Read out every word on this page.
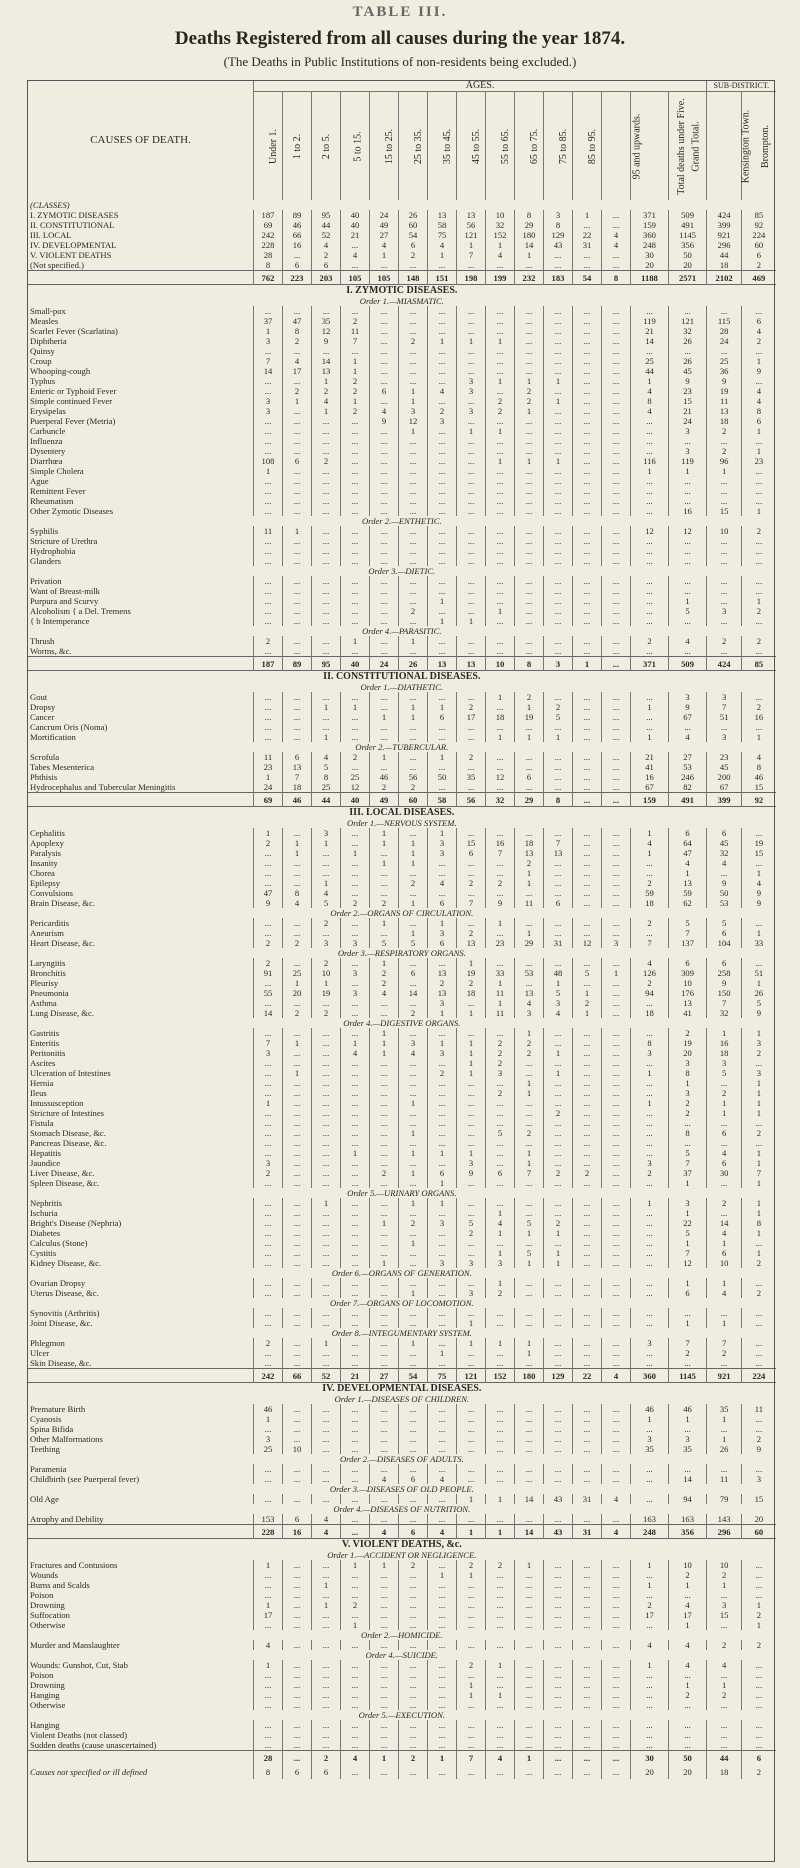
TABLE III.
Deaths Registered from all causes during the year 1874.
(The Deaths in Public Institutions of non-residents being excluded.)
CAUSES OF DEATH.	AGES.															SUB-DISTRICT.	
	Under 1.	1 to 2.	2 to 5.	5 to 15.	15 to 25.	25 to 35.	35 to 45.	45 to 55.	55 to 65.	65 to 75.	75 to 85.	85 to 95.	95 and upwards.	Total deaths under Five.	Grand Total.	Kensington Town.	Brompton.
(CLASSES)																	
I. ZYMOTIC DISEASES	187	89	95	40	24	26	13	13	10	8	3	1	...	371	509	424	85
II. CONSTITUTIONAL	69	46	44	40	49	60	58	56	32	29	8	...	...	159	491	399	92
III. LOCAL	242	66	52	21	27	54	75	121	152	180	129	22	4	360	1145	921	224
IV. DEVELOPMENTAL	228	16	4	...	4	6	4	1	1	14	43	31	4	248	356	296	60
V. VIOLENT DEATHS	28	...	2	4	1	2	1	7	4	1	...	...	...	30	50	44	6
(Not specified.)	8	6	6	...	...	...	...	...	...	...	...	...	...	20	20	18	2
	762	223	203	105	105	148	151	198	199	232	183	54	8	1188	2571	2102	469
I. ZYMOTIC DISEASES.																	
Order 1.—MIASMATIC.																	
Small-pox	...	...	...	...	...	...	...	...	...	...	...	...	...	...	...	...	...
Measles	37	47	35	2	...	...	...	...	...	...	...	...	...	119	121	115	6
Scarlet Fever (Scarlatina)	1	8	12	11	...	...	...	...	...	...	...	...	...	21	32	28	4
Diphtheria	3	2	9	7	...	2	1	1	1	...	...	...	...	14	26	24	2
Quinsy	...	...	...	...	...	...	...	...	...	...	...	...	...	...	...	...	...
Croup	7	4	14	1	...	...	...	...	...	...	...	...	...	25	26	25	1
Whooping-cough	14	17	13	1	...	...	...	...	...	...	...	...	...	44	45	36	9
Typhus	...	...	1	2	...	...	...	3	1	1	1	...	...	1	9	9	...
Enteric or Typhoid Fever	...	2	2	2	6	1	4	3	...	2	...	...	...	4	23	19	4
Simple continued Fever	3	1	4	1	...	1	...	...	2	2	1	...	...	8	15	11	4
Erysipelas	3	...	1	2	4	3	2	3	2	1	...	...	...	4	21	13	8
Puerperal Fever (Metria)	...	...	...	...	9	12	3	...	...	...	...	...	...	...	24	18	6
Carbuncle	...	...	...	...	...	1	...	1	1	...	...	...	...	...	3	2	1
Influenza	...	...	...	...	...	...	...	...	...	...	...	...	...	...	...	...	...
Dysentery	...	...	...	...	...	...	...	...	...	...	...	...	...	...	3	2	1
Diarrhœa	108	6	2	...	...	...	...	...	1	1	1	...	...	116	119	96	23
Simple Cholera	1	...	...	...	...	...	...	...	...	...	...	...	...	1	1	1	...
Ague	...	...	...	...	...	...	...	...	...	...	...	...	...	...	...	...	...
Remittent Fever	...	...	...	...	...	...	...	...	...	...	...	...	...	...	...	...	...
Rheumatism	...	...	...	...	...	...	...	...	...	...	...	...	...	...	...	...	...
Other Zymotic Diseases	...	...	...	...	...	...	...	...	...	...	...	...	...	...	16	15	1
Order 2.—ENTHETIC.																	
Syphilis	11	1	...	...	...	...	...	...	...	...	...	...	...	12	12	10	2
Stricture of Urethra	...	...	...	...	...	...	...	...	...	...	...	...	...	...	...	...	...
Hydrophobia	...	...	...	...	...	...	...	...	...	...	...	...	...	...	...	...	...
Glanders	...	...	...	...	...	...	...	...	...	...	...	...	...	...	...	...	...
Order 3.—DIETIC.																	
Privation	...	...	...	...	...	...	...	...	...	...	...	...	...	...	...	...	...
Want of Breast-milk	...	...	...	...	...	...	...	...	...	...	...	...	...	...	...	...	...
Purpura and Scurvy	...	...	...	...	...	...	1	...	...	...	...	...	...	...	1	...	1
Alcoholism { a Del. Tremens	...	...	...	...	...	2	...	...	1	...	...	...	...	...	5	3	2
{ b Intemperance	...	...	...	...	...	...	1	1	...	...	...	...	...	...	...	...	...
Order 4.—PARASITIC.																	
Thrush	2	...	...	1	...	1	...	...	...	...	...	...	...	2	4	2	2
Worms, &c.	...	...	...	...	...	...	...	...	...	...	...	...	...	...	...	...	...
	187	89	95	40	24	26	13	13	10	8	3	1	...	371	509	424	85
II. CONSTITUTIONAL DISEASES.																	
Order 1.—DIATHETIC.																	
Gout	...	...	...	...	...	...	...	...	1	2	...	...	...	...	3	3	...
Dropsy	...	...	1	1	...	1	1	2	...	1	2	...	...	1	9	7	2
Cancer	...	...	...	...	1	1	6	17	18	19	5	...	...	...	67	51	16
Cancrum Oris (Noma)	...	...	...	...	...	...	...	...	...	...	...	...	...	...	...	...	...
Mortification	...	...	1	...	...	...	...	...	1	1	1	...	...	1	4	3	1
Order 2.—TUBERCULAR.																	
Scrofula	11	6	4	2	1	...	1	2	...	...	...	...	...	21	27	23	4
Tabes Mesenterica	23	13	5	...	...	...	...	...	...	...	...	...	...	41	53	45	8
Phthisis	1	7	8	25	46	56	50	35	12	6	...	...	...	16	246	200	46
Hydrocephalus and Tubercular Meningitis	24	18	25	12	2	2	...	...	...	...	...	...	...	67	82	67	15
	69	46	44	40	49	60	58	56	32	29	8	...	...	159	491	399	92
III. LOCAL DISEASES.																	
Order 1.—NERVOUS SYSTEM.																	
Cephalitis	1	...	3	...	1	...	1	...	...	...	...	...	...	1	6	6	...
Apoplexy	2	1	1	...	1	1	3	15	16	18	7	...	...	4	64	45	19
Paralysis	...	1	...	1	...	1	3	6	7	13	13	...	...	1	47	32	15
Insanity	...	...	...	...	1	1	...	...	...	2	...	...	...	...	4	4	...
Chorea	...	...	...	...	...	...	...	...	...	1	...	...	...	...	1	...	1
Epilepsy	...	...	1	...	...	2	4	2	2	1	...	...	...	2	13	9	4
Convulsions	47	8	4	...	...	...	...	...	...	...	...	...	...	59	59	50	9
Brain Disease, &c.	9	4	5	2	2	1	6	7	9	11	6	...	...	18	62	53	9
Order 2.—ORGANS OF CIRCULATION.																	
Pericarditis	...	...	2	...	1	...	1	...	1	...	...	...	...	2	5	5	...
Aneurism	...	...	...	...	...	1	3	2	...	1	...	...	...	...	7	6	1
Heart Disease, &c.	2	2	3	3	5	5	6	13	23	29	31	12	3	7	137	104	33
Order 3.—RESPIRATORY ORGANS.																	
Laryngitis	2	...	2	...	1	...	...	1	...	...	...	...	...	4	6	6	...
Bronchitis	91	25	10	3	2	6	13	19	33	53	48	5	1	126	309	258	51
Pleurisy	...	1	1	...	2	...	2	2	1	...	1	...	...	2	10	9	1
Pneumonia	55	20	19	3	4	14	13	18	11	13	5	1	...	94	176	150	26
Asthma	...	...	...	...	...	...	3	...	1	4	3	2	...	...	13	7	5
Lung Disease, &c.	14	2	2	...	...	2	1	1	11	3	4	1	...	18	41	32	9
Order 4.—DIGESTIVE ORGANS.																	
Gastritis	...	...	...	...	1	...	...	...	...	1	...	...	...	...	2	1	1
Enteritis	7	1	...	1	1	3	1	1	2	2	...	...	...	8	19	16	3
Peritonitis	3	...	...	4	1	4	3	1	2	2	1	...	...	3	20	18	2
Ascites	...	...	...	...	...	...	...	1	2	...	...	...	...	...	3	3	...
Ulceration of Intestines	...	1	...	...	...	...	2	1	3	...	1	...	...	1	8	5	3
Hernia	...	...	...	...	...	...	...	...	...	1	...	...	...	...	1	...	1
Ileus	...	...	...	...	...	...	...	...	2	1	...	...	...	...	3	2	1
Intussusception	1	...	...	...	...	1	...	...	...	...	...	...	...	1	2	1	1
Stricture of Intestines	...	...	...	...	...	...	...	...	...	...	2	...	...	...	2	1	1
Fistula	...	...	...	...	...	...	...	...	...	...	...	...	...	...	...	...	...
Stomach Disease, &c.	...	...	...	...	...	1	...	...	5	2	...	...	...	...	8	6	2
Pancreas Disease, &c.	...	...	...	...	...	...	...	...	...	...	...	...	...	...	...	...	...
Hepatitis	...	...	...	1	...	1	1	1	...	1	...	...	...	...	5	4	1
Jaundice	3	...	...	...	...	...	...	3	...	1	...	...	...	3	7	6	1
Liver Disease, &c.	2	...	...	...	2	1	6	9	6	7	2	2	...	2	37	30	7
Spleen Disease, &c.	...	...	...	...	...	...	1	...	...	...	...	...	...	...	1	...	1
Order 5.—URINARY ORGANS.																	
Nephritis	...	...	1	...	...	1	1	...	...	...	...	...	...	1	3	2	1
Ischuria	...	...	...	...	...	...	...	...	1	...	...	...	...	...	1	...	1
Bright's Disease (Nephria)	...	...	...	...	1	2	3	5	4	5	2	...	...	...	22	14	8
Diabetes	...	...	...	...	...	...	...	2	1	1	1	...	...	...	5	4	1
Calculus (Stone)	...	...	...	...	...	1	...	...	...	...	...	...	...	...	1	1	...
Cystitis	...	...	...	...	...	...	...	...	1	5	1	...	...	...	7	6	1
Kidney Disease, &c.	...	...	...	...	1	...	3	3	3	1	1	...	...	...	12	10	2
Order 6.—ORGANS OF GENERATION.																	
Ovarian Dropsy	...	...	...	...	...	...	...	...	1	...	...	...	...	...	1	1	...
Uterus Disease, &c.	...	...	...	...	...	1	...	3	2	...	...	...	...	...	6	4	2
Order 7.—ORGANS OF LOCOMOTION.																	
Synovitis (Arthritis)	...	...	...	...	...	...	...	...	...	...	...	...	...	...	...	...	...
Joint Disease, &c.	...	...	...	...	...	...	...	1	...	...	...	...	...	...	1	1	...
Order 8.—INTEGUMENTARY SYSTEM.																	
Phlegmon	2	...	1	...	...	1	...	1	1	1	...	...	...	3	7	7	...
Ulcer	...	...	...	...	...	...	1	...	...	1	...	...	...	...	2	2	...
Skin Disease, &c.	...	...	...	...	...	...	...	...	...	...	...	...	...	...	...	...	...
	242	66	52	21	27	54	75	121	152	180	129	22	4	360	1145	921	224
IV. DEVELOPMENTAL DISEASES.																	
Order 1.—DISEASES OF CHILDREN.																	
Premature Birth	46	...	...	...	...	...	...	...	...	...	...	...	...	46	46	35	11
Cyanosis	1	...	...	...	...	...	...	...	...	...	...	...	...	1	1	1	...
Spina Bifida	...	...	...	...	...	...	...	...	...	...	...	...	...	...	...	...	...
Other Malformations	3	...	...	...	...	...	...	...	...	...	...	...	...	3	3	1	2
Teething	25	10	...	...	...	...	...	...	...	...	...	...	...	35	35	26	9
Order 2.—DISEASES OF ADULTS.																	
Paramenia	...	...	...	...	...	...	...	...	...	...	...	...	...	...	...	...	...
Childbirth (see Puerperal fever)	...	...	...	...	4	6	4	...	...	...	...	...	...	...	14	11	3
Order 3.—DISEASES OF OLD PEOPLE.																	
Old Age	...	...	...	...	...	...	...	1	1	14	43	31	4	...	94	79	15
Order 4.—DISEASES OF NUTRITION.																	
Atrophy and Debility	153	6	4	...	...	...	...	...	...	...	...	...	...	163	163	143	20
	228	16	4	...	4	6	4	1	1	14	43	31	4	248	356	296	60
V. VIOLENT DEATHS, &c.																	
Order 1.—ACCIDENT OR NEGLIGENCE.																	
Fractures and Contusions	1	...	...	1	1	2	...	2	2	1	...	...	...	1	10	10	...
Wounds	...	...	...	...	...	...	1	1	...	...	...	...	...	...	2	2	...
Burns and Scalds	...	...	1	...	...	...	...	...	...	...	...	...	...	1	1	1	...
Poison	...	...	...	...	...	...	...	...	...	...	...	...	...	...	...	...	...
Drowning	1	...	1	2	...	...	...	...	...	...	...	...	...	2	4	3	1
Suffocation	17	...	...	...	...	...	...	...	...	...	...	...	...	17	17	15	2
Otherwise	...	...	...	1	...	...	...	...	...	...	...	...	...	...	1	...	1
Order 2.—HOMICIDE.																	
Murder and Manslaughter	4	...	...	...	...	...	...	...	...	...	...	...	...	4	4	2	2
Order 4.—SUICIDE.																	
Wounds: Gunshot, Cut, Stab	1	...	...	...	...	...	...	2	1	...	...	...	...	1	4	4	...
Poison	...	...	...	...	...	...	...	...	...	...	...	...	...	...	...	...	...
Drowning	...	...	...	...	...	...	...	1	...	...	...	...	...	...	1	1	...
Hanging	...	...	...	...	...	...	...	1	1	...	...	...	...	...	2	2	...
Otherwise	...	...	...	...	...	...	...	...	...	...	...	...	...	...	...	...	...
Order 5.—EXECUTION.																	
Hanging	...	...	...	...	...	...	...	...	...	...	...	...	...	...	...	...	...
Violent Deaths (not classed)	...	...	...	...	...	...	...	...	...	...	...	...	...	...	...	...	...
Sudden deaths (cause unascertained)	...	...	...	...	...	...	...	...	...	...	...	...	...	...	...	...	...
	28	...	2	4	1	2	1	7	4	1	...	...	...	30	50	44	6
Causes not specified or ill defined	8	6	6	...	...	...	...	...	...	...	...	...	...	20	20	18	2
